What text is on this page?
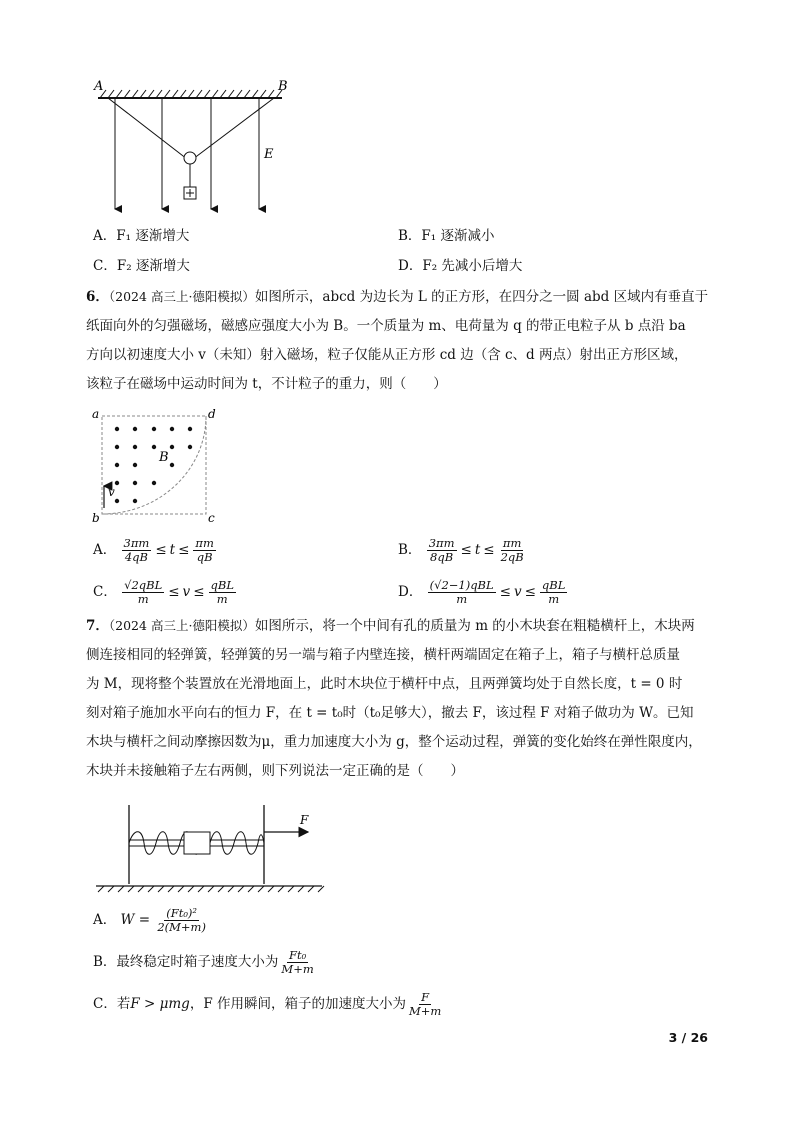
A	B
E
A．F₁ 逐渐增大	B．F₁ 逐渐减小
C．F₂ 逐渐增大	D．F₂ 先减小后增大
6．（2024 高三上·德阳模拟）如图所示，abcd 为边长为 L 的正方形，在四分之一圆 abd 区域内有垂直于
纸面向外的匀强磁场，磁感应强度大小为 B。一个质量为 m、电荷量为 q 的带正电粒子从 b 点沿 ba
方向以初速度大小 v（未知）射入磁场，粒子仅能从正方形 cd 边（含 c、d 两点）射出正方形区域，
该粒子在磁场中运动时间为 t，不计粒子的重力，则（　　）
a	d
b	c
B
v
A． $\frac{3\pi m}{4qB} \le t \le \frac{\pi m}{qB}$	B． $\frac{3\pi m}{8qB} \le t \le \frac{\pi m}{2qB}$
C． $\frac{\text{√2qBL}}{m} \le v \le \frac{\text{qBL}}{m}$	D． $\frac{\text{(√2−1)qBL}}{m} \le v \le \frac{\text{qBL}}{m}$
7．（2024 高三上·德阳模拟）如图所示，将一个中间有孔的质量为 m 的小木块套在粗糙横杆上，木块两
侧连接相同的轻弹簧，轻弹簧的另一端与箱子内壁连接，横杆两端固定在箱子上，箱子与横杆总质量
为 M，现将整个装置放在光滑地面上，此时木块位于横杆中点，且两弹簧均处于自然长度，t = 0 时
刻对箱子施加水平向右的恒力 F，在 t = t₀时（t₀足够大），撤去 F，该过程 F 对箱子做功为 W。已知
木块与横杆之间动摩擦因数为μ，重力加速度大小为 g，整个运动过程，弹簧的变化始终在弹性限度内，
木块并未接触箱子左右两侧，则下列说法一定正确的是（　　）
F
A． $W = \frac{\text{(Ft₀)²}}{2(M+m)}$
B．最终稳定时箱子速度大小为 $\frac{\text{Ft₀}}{M+m}$
C．若F > μmg，F 作用瞬间，箱子的加速度大小为 $\frac{F}{M+m}$
3 / 26
